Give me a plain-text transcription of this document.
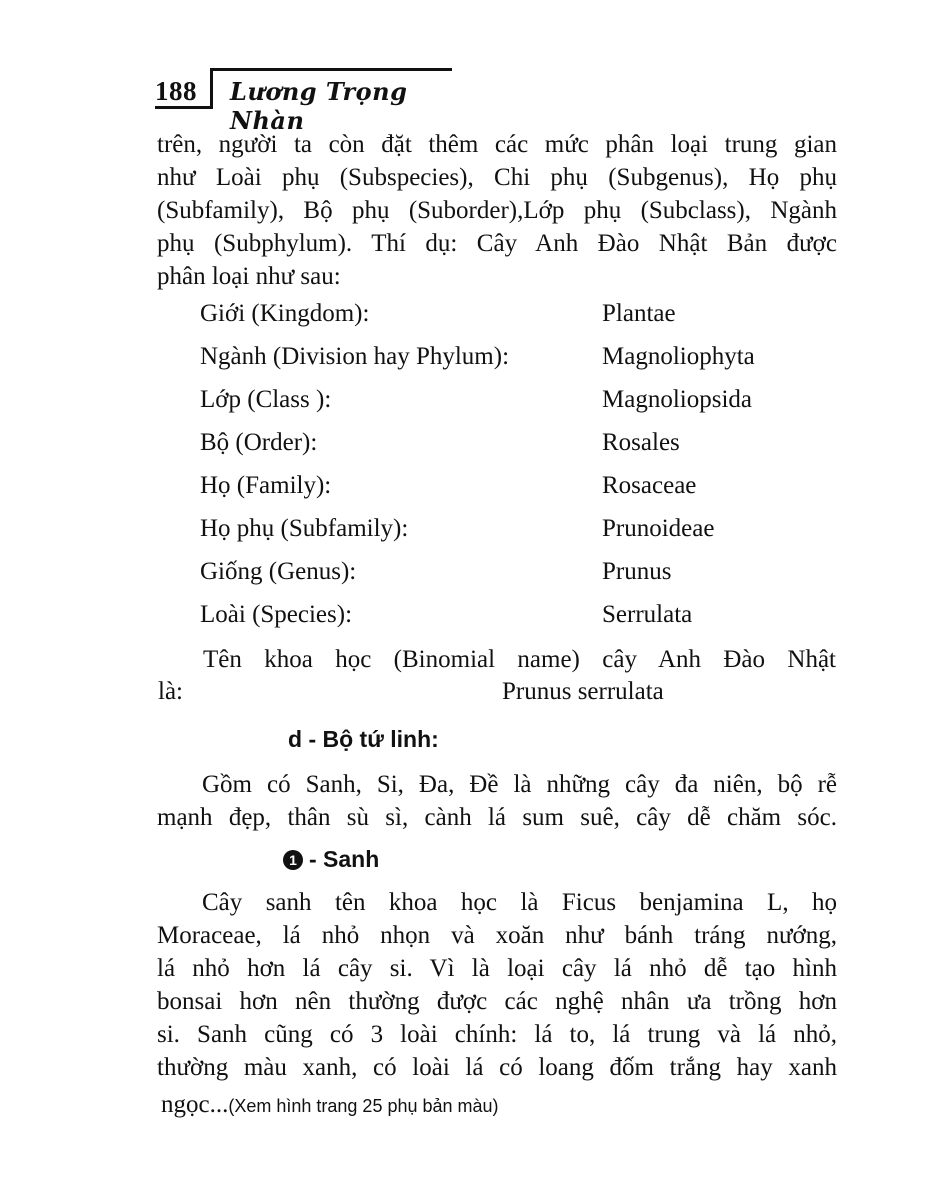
188 Lương Trọng Nhàn
trên, người ta còn đặt thêm các mức phân loại trung gian
như Loài phụ (Subspecies), Chi phụ (Subgenus), Họ phụ
(Subfamily), Bộ phụ (Suborder),Lớp phụ (Subclass), Ngành
phụ (Subphylum). Thí dụ: Cây Anh Đào Nhật Bản được
phân loại như sau:
Giới (Kingdom):	Plantae
Ngành (Division hay Phylum):	Magnoliophyta
Lớp (Class ):	Magnoliopsida
Bộ (Order):	Rosales
Họ (Family):	Rosaceae
Họ phụ (Subfamily):	Prunoideae
Giống (Genus):	Prunus
Loài (Species):	Serrulata
Tên khoa học (Binomial name) cây Anh Đào Nhật
là:	Prunus serrulata
d - Bộ tứ linh:
Gồm có Sanh, Si, Đa, Đề là những cây đa niên, bộ rễ
mạnh đẹp, thân sù sì, cành lá sum suê, cây dễ chăm sóc.
1 - Sanh
Cây sanh tên khoa học là Ficus benjamina L, họ
Moraceae, lá nhỏ nhọn và xoăn như bánh tráng nướng,
lá nhỏ hơn lá cây si. Vì là loại cây lá nhỏ dễ tạo hình
bonsai hơn nên thường được các nghệ nhân ưa trồng hơn
si. Sanh cũng có 3 loài chính: lá to, lá trung và lá nhỏ,
thường màu xanh, có loài lá có loang đốm trắng hay xanh
ngọc...(Xem hình trang 25 phụ bản màu)
